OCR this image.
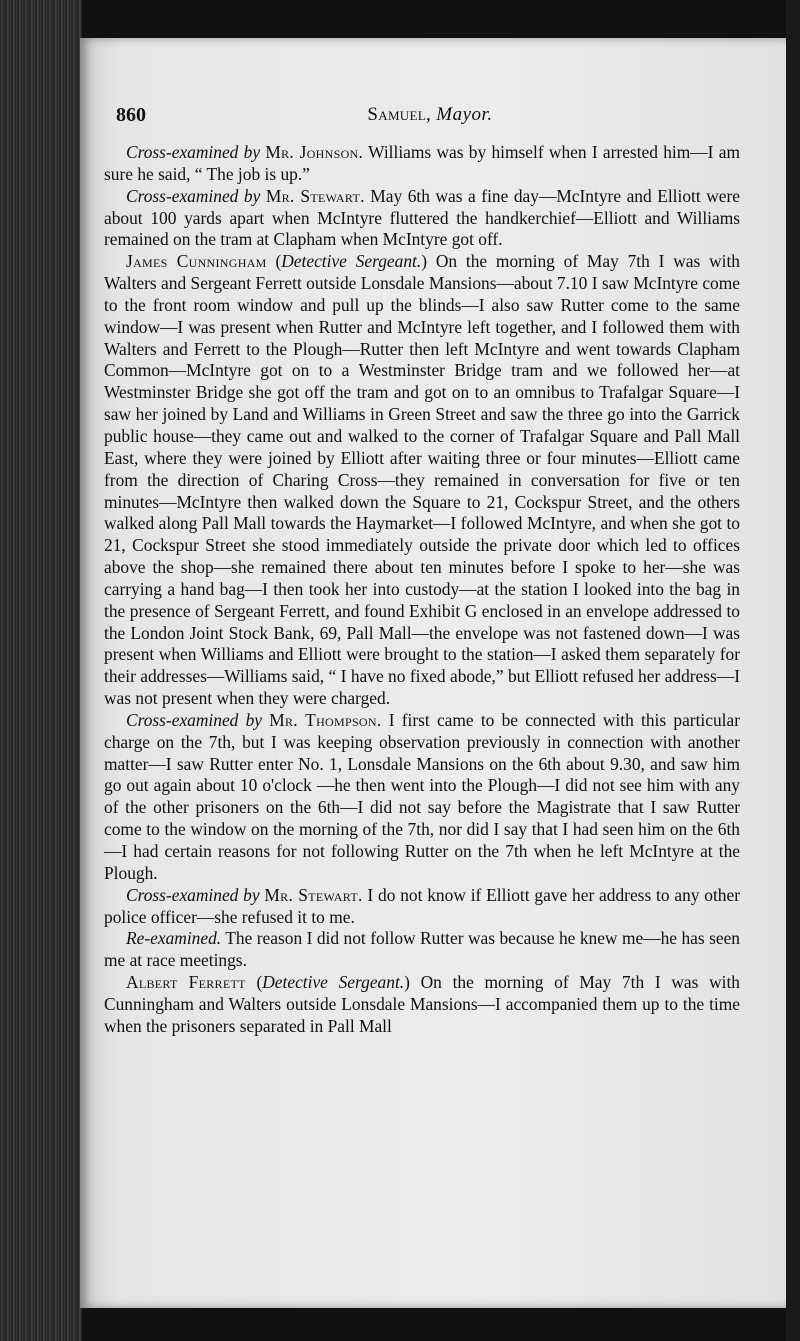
860	Samuel, Mayor.

Cross-examined by Mr. Johnson. Williams was by himself when I arrested him—I am sure he said, “ The job is up.”

Cross-examined by Mr. Stewart. May 6th was a fine day—McIntyre and Elliott were about 100 yards apart when McIntyre fluttered the handkerchief—Elliott and Williams remained on the tram at Clapham when McIntyre got off.

James Cunningham (Detective Sergeant.) On the morning of May 7th I was with Walters and Sergeant Ferrett outside Lonsdale Mansions—about 7.10 I saw McIntyre come to the front room window and pull up the blinds—I also saw Rutter come to the same window—I was present when Rutter and McIntyre left together, and I followed them with Walters and Ferrett to the Plough—Rutter then left McIntyre and went towards Clapham Common—McIntyre got on to a Westminster Bridge tram and we followed her—at Westminster Bridge she got off the tram and got on to an omnibus to Trafalgar Square—I saw her joined by Land and Williams in Green Street and saw the three go into the Garrick public house—they came out and walked to the corner of Trafalgar Square and Pall Mall East, where they were joined by Elliott after waiting three or four minutes—Elliott came from the direction of Charing Cross—they remained in conversation for five or ten minutes—McIntyre then walked down the Square to 21, Cockspur Street, and the others walked along Pall Mall towards the Haymarket—I followed McIntyre, and when she got to 21, Cockspur Street she stood immediately outside the private door which led to offices above the shop—she remained there about ten minutes before I spoke to her—she was carrying a hand bag—I then took her into custody—at the station I looked into the bag in the presence of Sergeant Ferrett, and found Exhibit G enclosed in an envelope addressed to the London Joint Stock Bank, 69, Pall Mall—the envelope was not fastened down—I was present when Williams and Elliott were brought to the station—I asked them separately for their addresses—Williams said, “ I have no fixed abode,” but Elliott refused her address—I was not present when they were charged.

Cross-examined by Mr. Thompson. I first came to be connected with this particular charge on the 7th, but I was keeping observation previously in connection with another matter—I saw Rutter enter No. 1, Lonsdale Mansions on the 6th about 9.30, and saw him go out again about 10 o'clock —he then went into the Plough—I did not see him with any of the other prisoners on the 6th—I did not say before the Magistrate that I saw Rutter come to the window on the morning of the 7th, nor did I say that I had seen him on the 6th—I had certain reasons for not following Rutter on the 7th when he left McIntyre at the Plough.

Cross-examined by Mr. Stewart. I do not know if Elliott gave her address to any other police officer—she refused it to me.

Re-examined. The reason I did not follow Rutter was because he knew me—he has seen me at race meetings.

Albert Ferrett (Detective Sergeant.) On the morning of May 7th I was with Cunningham and Walters outside Lonsdale Mansions—I accompanied them up to the time when the prisoners separated in Pall Mall
